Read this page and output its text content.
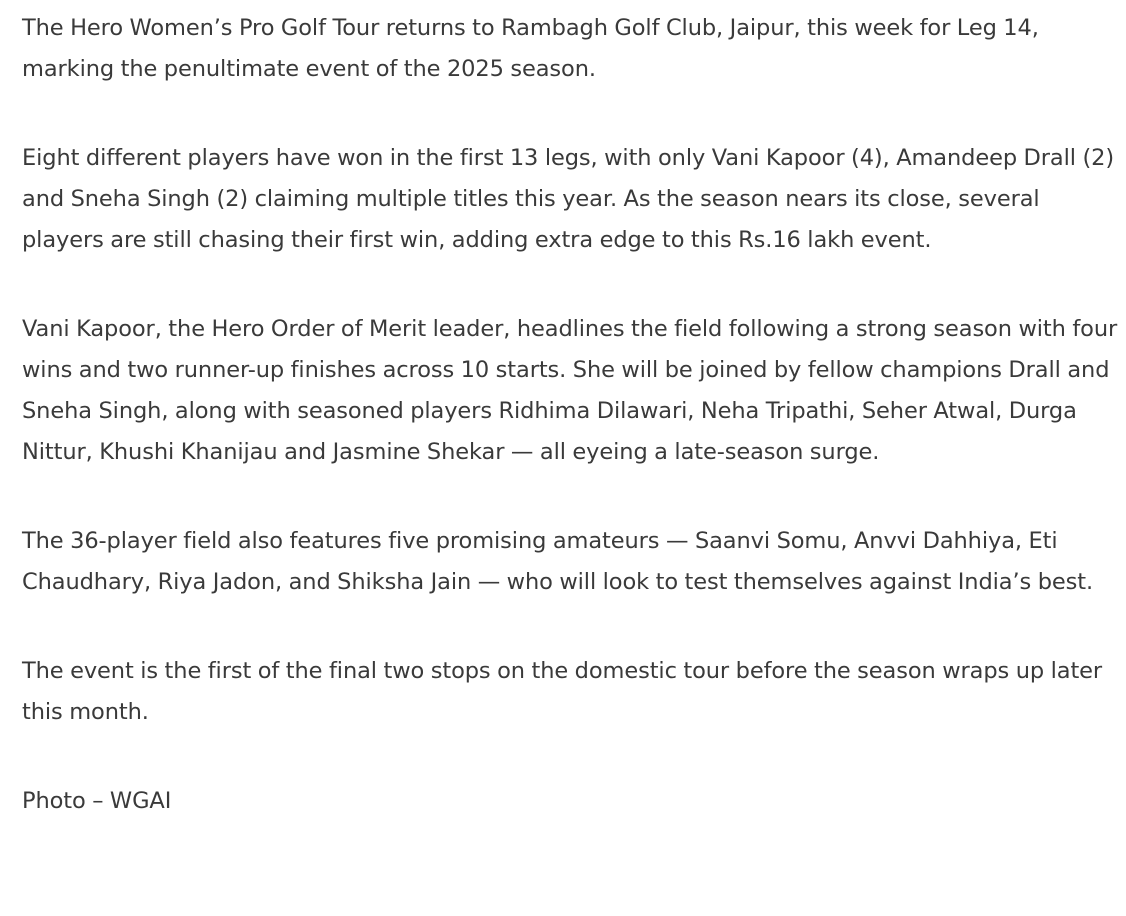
The Hero Women’s Pro Golf Tour returns to Rambagh Golf Club, Jaipur, this week for Leg 14, marking the penultimate event of the 2025 season.

Eight different players have won in the first 13 legs, with only Vani Kapoor (4), Amandeep Drall (2) and Sneha Singh (2) claiming multiple titles this year. As the season nears its close, several players are still chasing their first win, adding extra edge to this Rs.16 lakh event.

Vani Kapoor, the Hero Order of Merit leader, headlines the field following a strong season with four wins and two runner-up finishes across 10 starts. She will be joined by fellow champions Drall and Sneha Singh, along with seasoned players Ridhima Dilawari, Neha Tripathi, Seher Atwal, Durga Nittur, Khushi Khanijau and Jasmine Shekar — all eyeing a late-season surge.

The 36-player field also features five promising amateurs — Saanvi Somu, Anvvi Dahhiya, Eti Chaudhary, Riya Jadon, and Shiksha Jain — who will look to test themselves against India’s best.

The event is the first of the final two stops on the domestic tour before the season wraps up later this month.

Photo – WGAI
